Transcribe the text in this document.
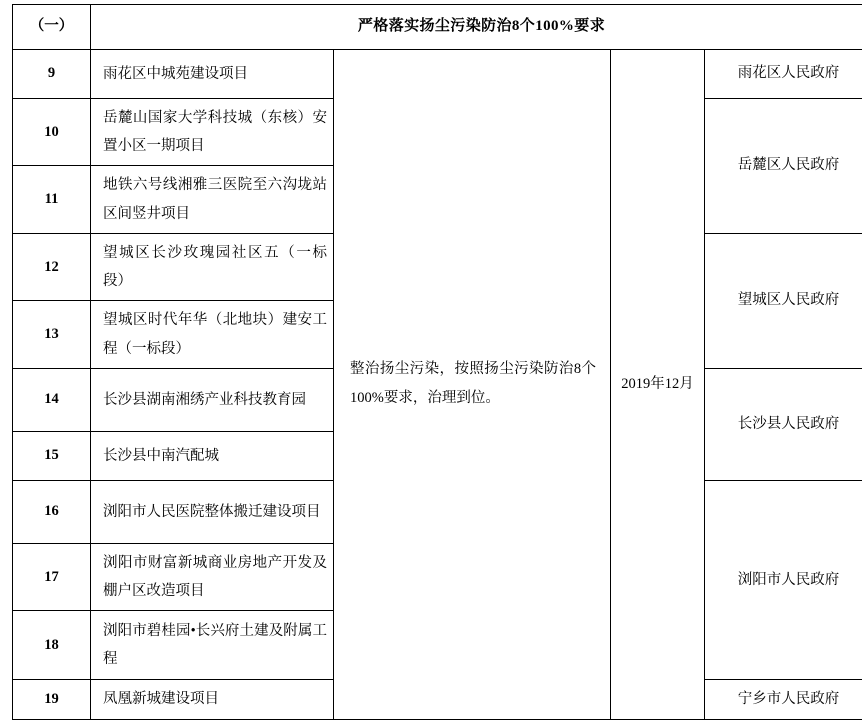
（一）	严格落实扬尘污染防治8个100%要求			

9	雨花区中城苑建设项目	整治扬尘污染，按照扬尘污染防治8个100%要求，治理到位。	2019年12月	雨花区人民政府

10	岳麓山国家大学科技城（东核）安置小区一期项目			岳麓区人民政府

11	地铁六号线湘雅三医院至六沟垅站区间竖井项目			

12	望城区长沙玫瑰园社区五（一标段）			望城区人民政府

13	望城区时代年华（北地块）建安工程（一标段）			

14	长沙县湖南湘绣产业科技教育园			长沙县人民政府

15	长沙县中南汽配城			

16	浏阳市人民医院整体搬迁建设项目			浏阳市人民政府

17	浏阳市财富新城商业房地产开发及棚户区改造项目			

18	浏阳市碧桂园•长兴府土建及附属工程			

19	凤凰新城建设项目			宁乡市人民政府
